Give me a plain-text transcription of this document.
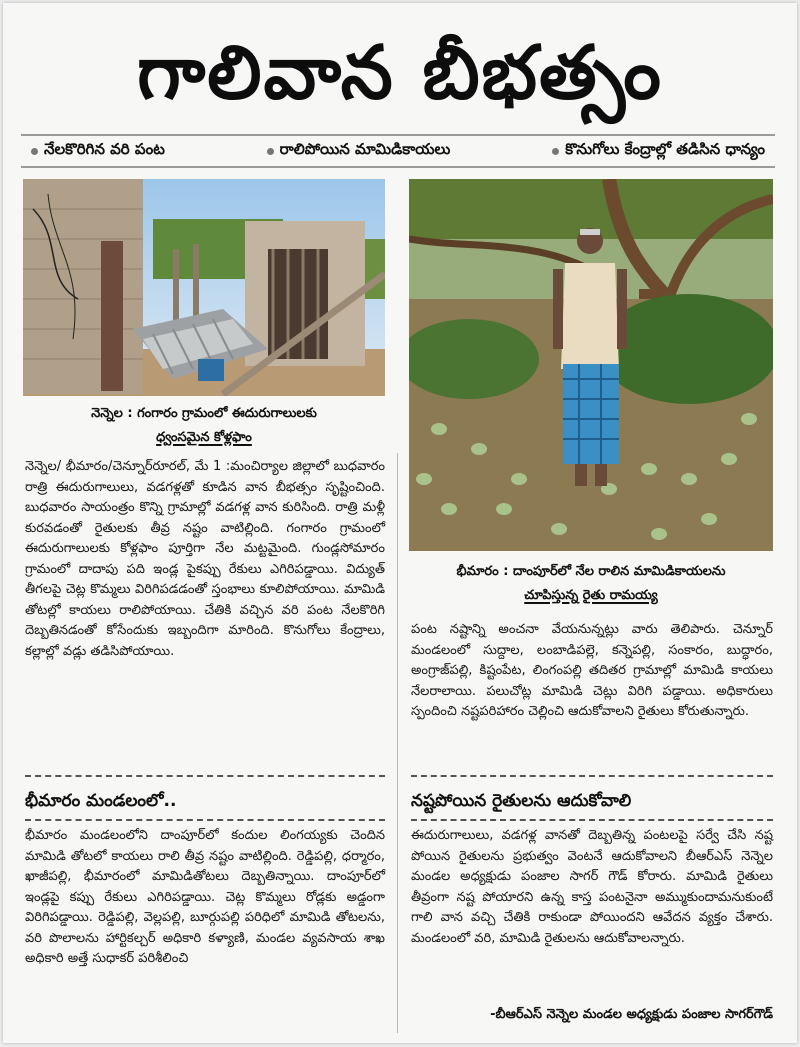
గాలివాన బీభత్సం
నేలకొరిగిన వరి పంట	రాలిపోయిన మామిడికాయలు	కొనుగోలు కేంద్రాల్లో తడిసిన ధాన్యం
నెన్నెల : గంగారం గ్రామంలో ఈదురుగాలులకు
ధ్వంసమైన కోళ్లఫాం
భీమారం : దాంపూర్‌లో నేల రాలిన మామిడికాయలను
చూపిస్తున్న రైతు రామయ్య

నెన్నెల/ భీమారం/చెన్నూర్‌రూరల్, మే 1 :మంచిర్యాల జిల్లాలో బుధవారం రాత్రి ఈదురుగాలులు, వడగళ్లతో కూడిన వాన బీభత్సం సృష్టించింది. బుధవారం సాయంత్రం కొన్ని గ్రామాల్లో వడగళ్ల వాన కురిసింది. రాత్రి మళ్లీ కురవడంతో రైతులకు తీవ్ర నష్టం వాటిల్లింది. గంగారం గ్రామంలో ఈదురుగాలులకు కోళ్లఫాం పూర్తిగా నేల మట్టమైంది. గుండ్లసోమారం గ్రామంలో దాదాపు పది ఇండ్ల పైకప్పు రేకులు ఎగిరిపడ్డాయి. విద్యుత్ తీగలపై చెట్ల కొమ్మలు విరిగిపడడంతో స్తంభాలు కూలిపోయాయి. మామిడి తోటల్లో కాయలు రాలిపోయాయి. చేతికి వచ్చిన వరి పంట నేలకొరిగి దెబ్బతినడంతో కోసేందుకు ఇబ్బందిగా మారింది. కొనుగోలు కేంద్రాలు, కల్లాల్లో వడ్లు తడిసిపోయాయి.

భీమారం మండలంలో..

భీమారం మండలంలోని దాంపూర్‌లో కందుల లింగయ్యకు చెందిన మామిడి తోటలో కాయలు రాలి తీవ్ర నష్టం వాటిల్లింది. రెడ్డిపల్లి, ధర్మారం, ఖాజీపల్లి, భీమారంలో మామిడితోటలు దెబ్బతిన్నాయి. దాంపూర్‌లో ఇండ్లపై కప్పు రేకులు ఎగిరిపడ్డాయి. చెట్ల కొమ్మలు రోడ్లకు అడ్డంగా విరిగిపడ్డాయి. రెడ్డిపల్లి, వెల్లపల్లి, బూర్గుపల్లి పరిధిలో మామిడి తోటలను, వరి పొలాలను హార్టికల్చర్ అధికారి కళ్యాణి, మండల వ్యవసాయ శాఖ అధికారి అత్తే సుధాకర్ పరిశీలించి

పంట నష్టాన్ని అంచనా వేయనున్నట్లు వారు తెలిపారు. చెన్నూర్ మండలంలో సుద్దాల, లంబాడిపల్లె, కన్నెపల్లి, సంకారం, బుద్ధారం, అంగ్రాజ్‌పల్లి, కిష్టంపేట, లింగంపల్లి తదితర గ్రామాల్లో మామిడి కాయలు నేలరాలాయి. పలుచోట్ల మామిడి చెట్లు విరిగి పడ్డాయి. అధికారులు స్పందించి నష్టపరిహారం చెల్లించి ఆదుకోవాలని రైతులు కోరుతున్నారు.

నష్టపోయిన రైతులను ఆదుకోవాలి

ఈదురుగాలులు, వడగళ్ల వానతో దెబ్బతిన్న పంటలపై సర్వే చేసి నష్ట పోయిన రైతులను ప్రభుత్వం వెంటనే ఆదుకోవాలని బీఆర్‌ఎస్ నెన్నెల మండల అధ్యక్షుడు పంజాల సాగర్ గౌడ్ కోరారు. మామిడి రైతులు తీవ్రంగా నష్ట పోయారని ఉన్న కాస్త పంటనైనా అమ్ముకుందామనుకుంటే గాలి వాన వచ్చి చేతికి రాకుండా పోయిందని ఆవేదన వ్యక్తం చేశారు. మండలంలో వరి, మామిడి రైతులను ఆదుకోవాలన్నారు.

-బీఆర్‌ఎస్ నెన్నెల మండల అధ్యక్షుడు పంజాల సాగర్‌గౌడ్
